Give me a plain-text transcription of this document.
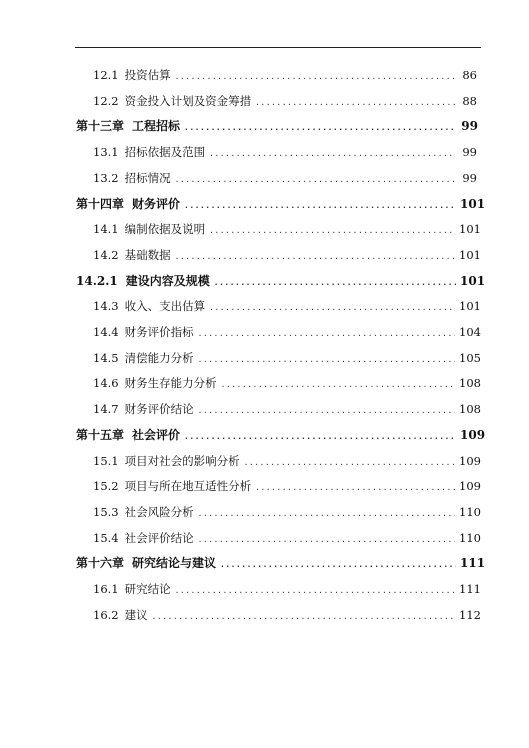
12.1 投资估算 .....	86
12.2 资金投入计划及资金筹措 .....	88
第十三章 工程招标 .....	99
13.1 招标依据及范围 .....	99
13.2 招标情况 .....	99
第十四章 财务评价 .....	101
14.1 编制依据及说明 .....	101
14.2 基础数据 .....	101
14.2.1 建设内容及规模 .....	101
14.3 收入、支出估算 .....	101
14.4 财务评价指标 .....	104
14.5 清偿能力分析 .....	105
14.6 财务生存能力分析 .....	108
14.7 财务评价结论 .....	108
第十五章 社会评价 .....	109
15.1 项目对社会的影响分析 .....	109
15.2 项目与所在地互适性分析 .....	109
15.3 社会风险分析 .....	110
15.4 社会评价结论 .....	110
第十六章 研究结论与建议 .....	111
16.1 研究结论 .....	111
16.2 建议 .....	112
